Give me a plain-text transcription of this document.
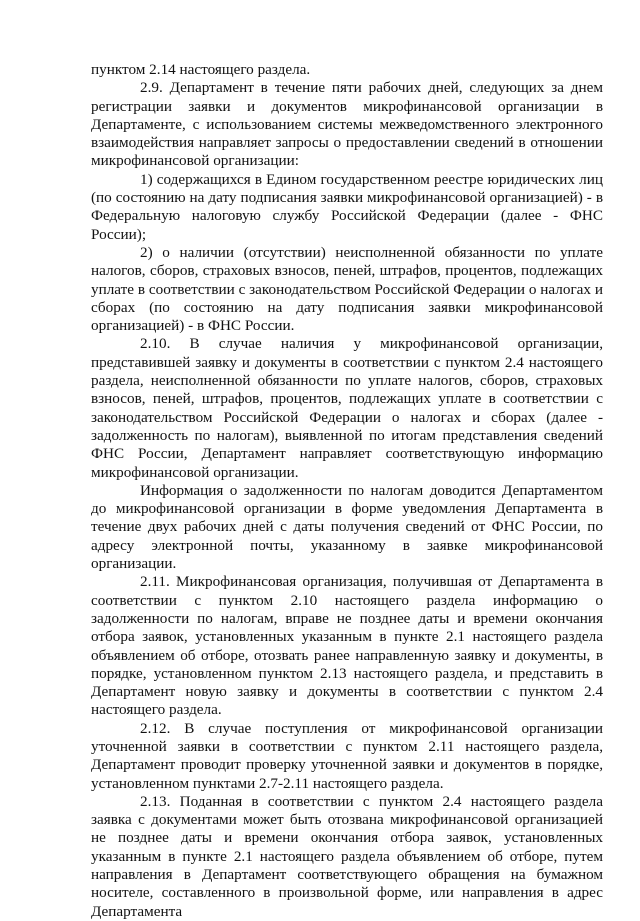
пунктом 2.14 настоящего раздела.

2.9. Департамент в течение пяти рабочих дней, следующих за днем регистрации заявки и документов микрофинансовой организации в Департаменте, с использованием системы межведомственного электронного взаимодействия направляет запросы о предоставлении сведений в отношении микрофинансовой организации:

1) содержащихся в Едином государственном реестре юридических лиц (по состоянию на дату подписания заявки микрофинансовой организацией) - в Федеральную налоговую службу Российской Федерации (далее - ФНС России);

2) о наличии (отсутствии) неисполненной обязанности по уплате налогов, сборов, страховых взносов, пеней, штрафов, процентов, подлежащих уплате в соответствии с законодательством Российской Федерации о налогах и сборах (по состоянию на дату подписания заявки микрофинансовой организацией) - в ФНС России.

2.10. В случае наличия у микрофинансовой организации, представившей заявку и документы в соответствии с пунктом 2.4 настоящего раздела, неисполненной обязанности по уплате налогов, сборов, страховых взносов, пеней, штрафов, процентов, подлежащих уплате в соответствии с законодательством Российской Федерации о налогах и сборах (далее - задолженность по налогам), выявленной по итогам представления сведений ФНС России, Департамент направляет соответствующую информацию микрофинансовой организации.

Информация о задолженности по налогам доводится Департаментом до микрофинансовой организации в форме уведомления Департамента в течение двух рабочих дней с даты получения сведений от ФНС России, по адресу электронной почты, указанному в заявке микрофинансовой организации.

2.11. Микрофинансовая организация, получившая от Департамента в соответствии с пунктом 2.10 настоящего раздела информацию о задолженности по налогам, вправе не позднее даты и времени окончания отбора заявок, установленных указанным в пункте 2.1 настоящего раздела объявлением об отборе, отозвать ранее направленную заявку и документы, в порядке, установленном пунктом 2.13 настоящего раздела, и представить в Департамент новую заявку и документы в соответствии с пунктом 2.4 настоящего раздела.

2.12. В случае поступления от микрофинансовой организации уточненной заявки в соответствии с пунктом 2.11 настоящего раздела, Департамент проводит проверку уточненной заявки и документов в порядке, установленном пунктами 2.7-2.11 настоящего раздела.

2.13. Поданная в соответствии с пунктом 2.4 настоящего раздела заявка с документами может быть отозвана микрофинансовой организацией не позднее даты и времени окончания отбора заявок, установленных указанным в пункте 2.1 настоящего раздела объявлением об отборе, путем направления в Департамент соответствующего обращения на бумажном носителе, составленного в произвольной форме, или направления в адрес Департамента
